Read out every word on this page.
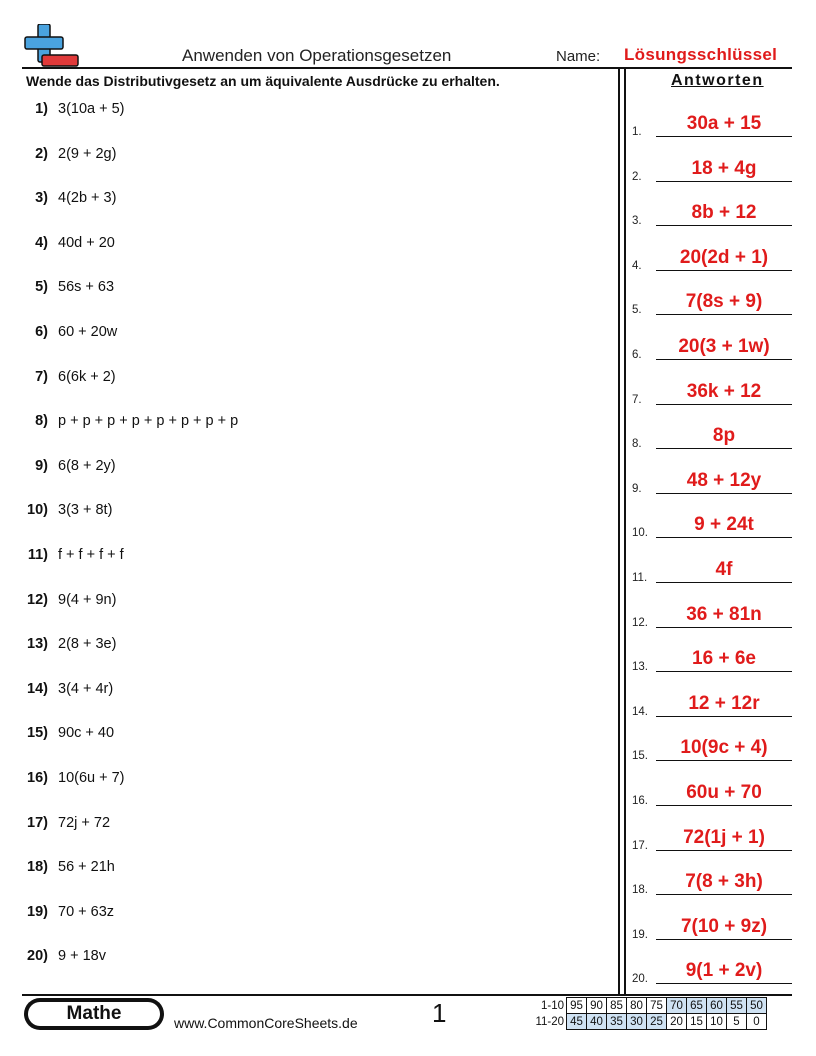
Anwenden von Operationsgesetzen	Name: Lösungsschlüssel
Wende das Distributivgesetz an um äquivalente Ausdrücke zu erhalten.	Antworten
1) 3(10a + 5)
2) 2(9 + 2g)
3) 4(2b + 3)
4) 40d + 20
5) 56s + 63
6) 60 + 20w
7) 6(6k + 2)
8) p + p + p + p + p + p + p + p
9) 6(8 + 2y)
10) 3(3 + 8t)
11) f + f + f + f
12) 9(4 + 9n)
13) 2(8 + 3e)
14) 3(4 + 4r)
15) 90c + 40
16) 10(6u + 7)
17) 72j + 72
18) 56 + 21h
19) 70 + 63z
20) 9 + 18v
1.	30a + 15
2.	18 + 4g
3.	8b + 12
4.	20(2d + 1)
5.	7(8s + 9)
6.	20(3 + 1w)
7.	36k + 12
8.	8p
9.	48 + 12y
10.	9 + 24t
11.	4f
12.	36 + 81n
13.	16 + 6e
14.	12 + 12r
15.	10(9c + 4)
16.	60u + 70
17.	72(1j + 1)
18.	7(8 + 3h)
19.	7(10 + 9z)
20.	9(1 + 2v)
Mathe	www.CommonCoreSheets.de	1	1-10	95	90	85	80	75	70	65	60	55	50
11-20	45	40	35	30	25	20	15	10	5	0
